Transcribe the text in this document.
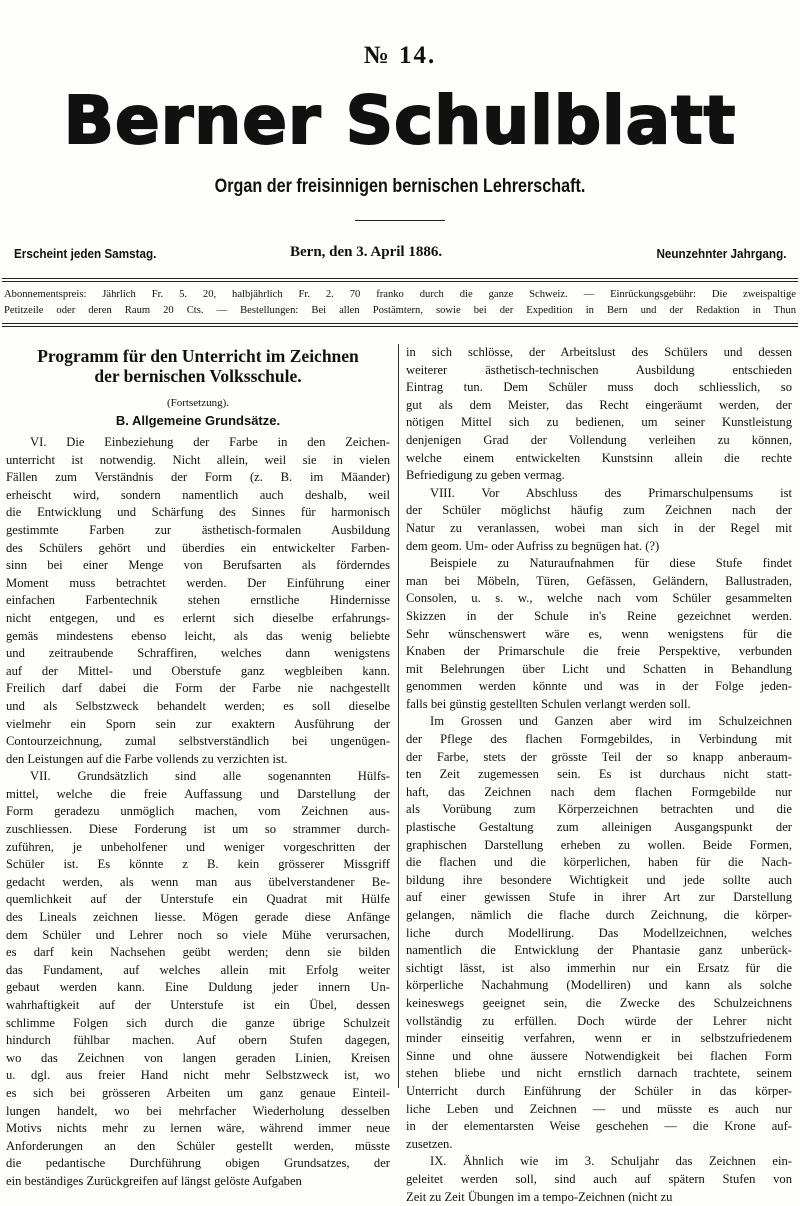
№ 14.
Berner Schulblatt
Organ der freisinnigen bernischen Lehrerschaft.
Erscheint jeden Samstag.	Bern, den 3. April 1886.	Neunzehnter Jahrgang.

Abonnementspreis: Jährlich Fr. 5. 20, halbjährlich Fr. 2. 70 franko durch die ganze Schweiz. — Einrückungsgebühr: Die zweispaltige

Petitzeile oder deren Raum 20 Cts. — Bestellungen: Bei allen Postämtern, sowie bei der Expedition in Bern und der Redaktion in Thun

Programm für den Unterricht im Zeichnen
der bernischen Volksschule.
(Fortsetzung).
B. Allgemeine Grundsätze.
VI. Die Einbeziehung der Farbe in den Zeichen-
unterricht ist notwendig. Nicht allein, weil sie in vielen
Fällen zum Verständnis der Form (z. B. im Mäander)
erheischt wird, sondern namentlich auch deshalb, weil
die Entwicklung und Schärfung des Sinnes für harmonisch
gestimmte Farben zur ästhetisch-formalen Ausbildung
des Schülers gehört und überdies ein entwickelter Farben-
sinn bei einer Menge von Berufsarten als förderndes
Moment muss betrachtet werden. Der Einführung einer
einfachen Farbentechnik stehen ernstliche Hindernisse
nicht entgegen, und es erlernt sich dieselbe erfahrungs-
gemäs mindestens ebenso leicht, als das wenig beliebte
und zeitraubende Schraffiren, welches dann wenigstens
auf der Mittel- und Oberstufe ganz wegbleiben kann.
Freilich darf dabei die Form der Farbe nie nachgestellt
und als Selbstzweck behandelt werden; es soll dieselbe
vielmehr ein Sporn sein zur exaktern Ausführung der
Contourzeichnung, zumal selbstverständlich bei ungenügen-
den Leistungen auf die Farbe vollends zu verzichten ist.
VII. Grundsätzlich sind alle sogenannten Hülfs-
mittel, welche die freie Auffassung und Darstellung der
Form geradezu unmöglich machen, vom Zeichnen aus-
zuschliessen. Diese Forderung ist um so strammer durch-
zuführen, je unbeholfener und weniger vorgeschritten der
Schüler ist. Es könnte z B. kein grösserer Missgriff
gedacht werden, als wenn man aus übelverstandener Be-
quemlichkeit auf der Unterstufe ein Quadrat mit Hülfe
des Lineals zeichnen liesse. Mögen gerade diese Anfänge
dem Schüler und Lehrer noch so viele Mühe verursachen,
es darf kein Nachsehen geübt werden; denn sie bilden
das Fundament, auf welches allein mit Erfolg weiter
gebaut werden kann. Eine Duldung jeder innern Un-
wahrhaftigkeit auf der Unterstufe ist ein Übel, dessen
schlimme Folgen sich durch die ganze übrige Schulzeit
hindurch fühlbar machen. Auf obern Stufen dagegen,
wo das Zeichnen von langen geraden Linien, Kreisen
u. dgl. aus freier Hand nicht mehr Selbstzweck ist, wo
es sich bei grösseren Arbeiten um ganz genaue Einteil-
lungen handelt, wo bei mehrfacher Wiederholung desselben
Motivs nichts mehr zu lernen wäre, während immer neue
Anforderungen an den Schüler gestellt werden, müsste
die pedantische Durchführung obigen Grundsatzes, der
ein beständiges Zurückgreifen auf längst gelöste Aufgaben
in sich schlösse, der Arbeitslust des Schülers und dessen
weiterer ästhetisch-technischen Ausbildung entschieden
Eintrag tun. Dem Schüler muss doch schliesslich, so
gut als dem Meister, das Recht eingeräumt werden, der
nötigen Mittel sich zu bedienen, um seiner Kunstleistung
denjenigen Grad der Vollendung verleihen zu können,
welche einem entwickelten Kunstsinn allein die rechte
Befriedigung zu geben vermag.
VIII. Vor Abschluss des Primarschulpensums ist
der Schüler möglichst häufig zum Zeichnen nach der
Natur zu veranlassen, wobei man sich in der Regel mit
dem geom. Um- oder Aufriss zu begnügen hat. (?)
Beispiele zu Naturaufnahmen für diese Stufe findet
man bei Möbeln, Türen, Gefässen, Geländern, Ballustraden,
Consolen, u. s. w., welche nach vom Schüler gesammelten
Skizzen in der Schule in's Reine gezeichnet werden.
Sehr wünschenswert wäre es, wenn wenigstens für die
Knaben der Primarschule die freie Perspektive, verbunden
mit Belehrungen über Licht und Schatten in Behandlung
genommen werden könnte und was in der Folge jeden-
falls bei günstig gestellten Schulen verlangt werden soll.
Im Grossen und Ganzen aber wird im Schulzeichnen
der Pflege des flachen Formgebildes, in Verbindung mit
der Farbe, stets der grösste Teil der so knapp anberaum-
ten Zeit zugemessen sein. Es ist durchaus nicht statt-
haft, das Zeichnen nach dem flachen Formgebilde nur
als Vorübung zum Körperzeichnen betrachten und die
plastische Gestaltung zum alleinigen Ausgangspunkt der
graphischen Darstellung erheben zu wollen. Beide Formen,
die flachen und die körperlichen, haben für die Nach-
bildung ihre besondere Wichtigkeit und jede sollte auch
auf einer gewissen Stufe in ihrer Art zur Darstellung
gelangen, nämlich die flache durch Zeichnung, die körper-
liche durch Modellirung. Das Modellzeichnen, welches
namentlich die Entwicklung der Phantasie ganz unberück-
sichtigt lässt, ist also immerhin nur ein Ersatz für die
körperliche Nachahmung (Modelliren) und kann als solche
keineswegs geeignet sein, die Zwecke des Schulzeichnens
vollständig zu erfüllen. Doch würde der Lehrer nicht
minder einseitig verfahren, wenn er in selbstzufriedenem
Sinne und ohne äussere Notwendigkeit bei flachen Form
stehen bliebe und nicht ernstlich darnach trachtete, seinem
Unterricht durch Einführung der Schüler in das körper-
liche Leben und Zeichnen — und müsste es auch nur
in der elementarsten Weise geschehen — die Krone auf-
zusetzen.
IX. Ähnlich wie im 3. Schuljahr das Zeichnen ein-
geleitet werden soll, sind auch auf spätern Stufen von
Zeit zu Zeit Übungen im a tempo-Zeichnen (nicht zu
